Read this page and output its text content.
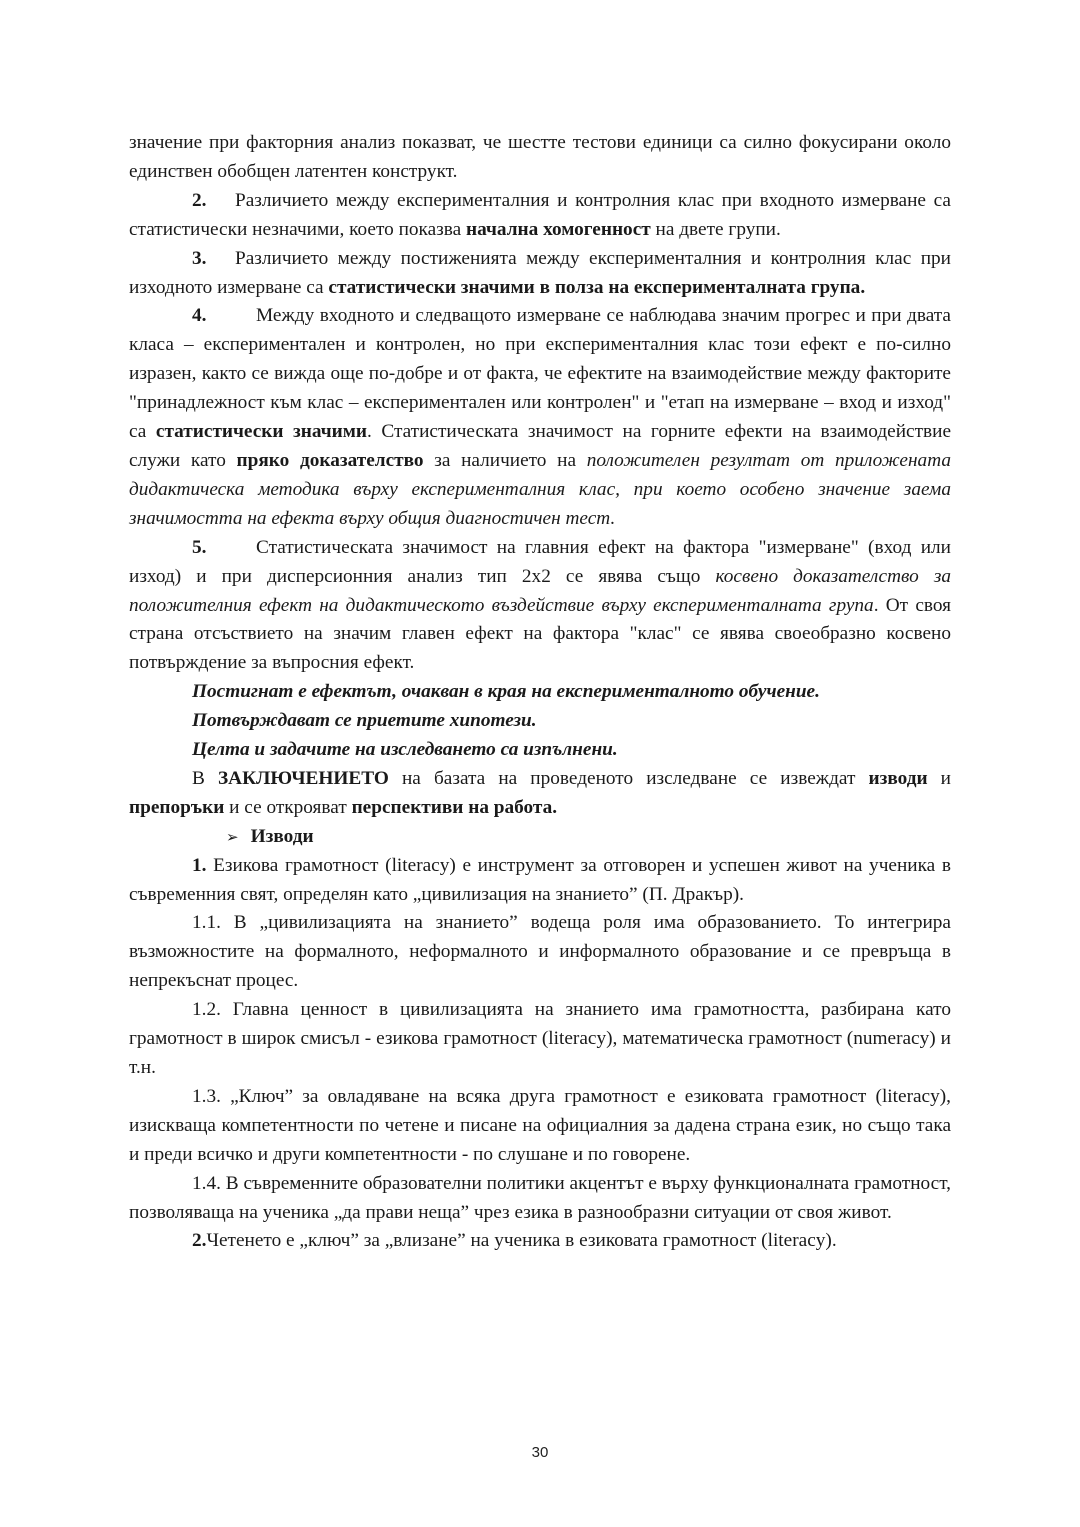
значение при факторния анализ показват, че шестте тестови единици са силно фокусирани около единствен обобщен латентен конструкт.

2. Различието между експерименталния и контролния клас при входното измерване са статистически незначими, което показва начална хомогенност на двете групи.

3. Различието между постиженията между експерименталния и контролния клас при изходното измерване са статистически значими в полза на експерименталната група.

4.	Между входното и следващото измерване се наблюдава значим прогрес и при двата класа – експериментален и контролен, но при експерименталния клас този ефект е по-силно изразен, както се вижда още по-добре и от факта, че ефектите на взаимодействие между факторите "принадлежност към клас – експериментален или контролен" и "етап на измерване – вход и изход" са статистически значими. Статистическата значимост на горните ефекти на взаимодействие служи като пряко доказателство за наличието на положителен резултат от приложената дидактическа методика върху експерименталния клас, при което особено значение заема значимостта на ефекта върху общия диагностичен тест.

5.	Статистическата значимост на главния ефект на фактора "измерване" (вход или изход) и при дисперсионния анализ тип 2x2 се явява също косвено доказателство за положителния ефект на дидактическото въздействие върху експерименталната група. От своя страна отсъствието на значим главен ефект на фактора "клас" се явява своеобразно косвено потвърждение за въпросния ефект.

Постигнат е ефектът, очакван в края на експерименталното обучение.

Потвърждават се приетите хипотези.

Целта и задачите на изследването са изпълнени.

В ЗАКЛЮЧЕНИЕТО на базата на проведеното изследване се извеждат изводи и препоръки и се открояват перспективи на работа.

➢ Изводи

1. Езикова грамотност (literacy) е инструмент за отговорен и успешен живот на ученика в съвременния свят, определян като „цивилизация на знанието” (П. Дракър).

1.1. В „цивилизацията на знанието” водеща роля има образованието. То интегрира възможностите на формалното, неформалното и информалното образование и се превръща в непрекъснат процес.

1.2. Главна ценност в цивилизацията на знанието има грамотността, разбирана като грамотност в широк смисъл - езикова грамотност (literacy), математическа грамотност (numeracy) и т.н.

1.3. „Ключ” за овладяване на всяка друга грамотност е езиковата грамотност (literacy), изискваща компетентности по четене и писане на официалния за дадена страна език, но също така и преди всичко и други компетентности - по слушане и по говорене.

1.4. В съвременните образователни политики акцентът е върху функционалната грамотност, позволяваща на ученика „да прави неща” чрез езика в разнообразни ситуации от своя живот.

2.Четенето е „ключ” за „влизане” на ученика в езиковата грамотност (literacy).

30
